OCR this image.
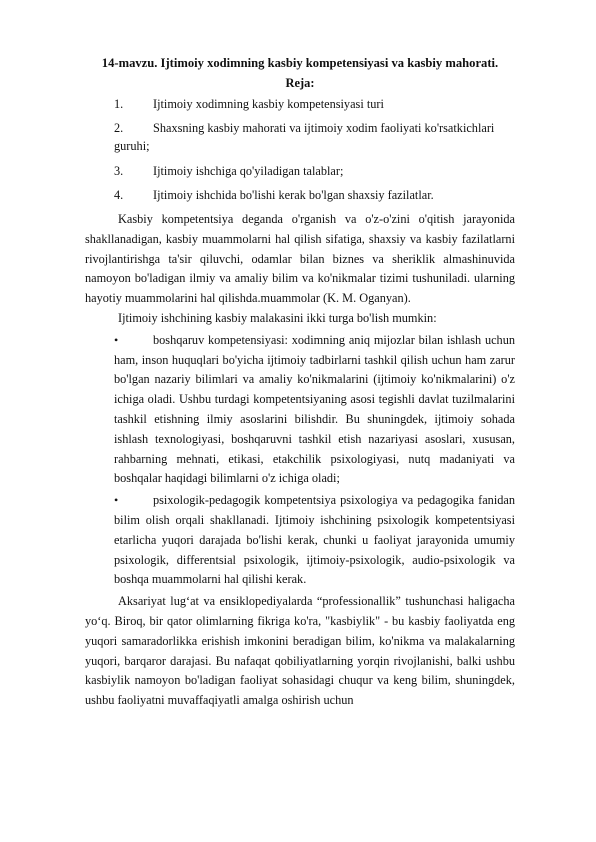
14-mavzu. Ijtimoiy xodimning kasbiy kompetensiyasi va kasbiy mahorati.

Reja:

1. Ijtimoiy xodimning kasbiy kompetensiyasi turi
2. Shaxsning kasbiy mahorati va ijtimoiy xodim faoliyati ko'rsatkichlari guruhi;
3. Ijtimoiy ishchiga qo'yiladigan talablar;
4. Ijtimoiy ishchida bo'lishi kerak bo'lgan shaxsiy fazilatlar.

Kasbiy kompetentsiya deganda o'rganish va o'z-o'zini o'qitish jarayonida shakllanadigan, kasbiy muammolarni hal qilish sifatiga, shaxsiy va kasbiy fazilatlarni rivojlantirishga ta'sir qiluvchi, odamlar bilan biznes va sheriklik almashinuvida namoyon bo'ladigan ilmiy va amaliy bilim va ko'nikmalar tizimi tushuniladi. ularning hayotiy muammolarini hal qilishda.muammolar (K. M. Oganyan).

Ijtimoiy ishchining kasbiy malakasini ikki turga bo'lish mumkin:

•	boshqaruv kompetensiyasi: xodimning aniq mijozlar bilan ishlash uchun ham, inson huquqlari bo'yicha ijtimoiy tadbirlarni tashkil qilish uchun ham zarur bo'lgan nazariy bilimlari va amaliy ko'nikmalarini (ijtimoiy ko'nikmalarini) o'z ichiga oladi. Ushbu turdagi kompetentsiyaning asosi tegishli davlat tuzilmalarini tashkil etishning ilmiy asoslarini bilishdir. Bu shuningdek, ijtimoiy sohada ishlash texnologiyasi, boshqaruvni tashkil etish nazariyasi asoslari, xususan, rahbarning mehnati, etikasi, etakchilik psixologiyasi, nutq madaniyati va boshqalar haqidagi bilimlarni o'z ichiga oladi;
•	psixologik-pedagogik kompetentsiya psixologiya va pedagogika fanidan bilim olish orqali shakllanadi. Ijtimoiy ishchining psixologik kompetentsiyasi etarlicha yuqori darajada bo'lishi kerak, chunki u faoliyat jarayonida umumiy psixologik, differentsial psixologik, ijtimoiy-psixologik, audio-psixologik va boshqa muammolarni hal qilishi kerak.

Aksariyat lug‘at va ensiklopediyalarda “professionallik” tushunchasi haligacha yo‘q. Biroq, bir qator olimlarning fikriga ko'ra, "kasbiylik" - bu kasbiy faoliyatda eng yuqori samaradorlikka erishish imkonini beradigan bilim, ko'nikma va malakalarning yuqori, barqaror darajasi. Bu nafaqat qobiliyatlarning yorqin rivojlanishi, balki ushbu kasbiylik namoyon bo'ladigan faoliyat sohasidagi chuqur va keng bilim, shuningdek, ushbu faoliyatni muvaffaqiyatli amalga oshirish uchun
